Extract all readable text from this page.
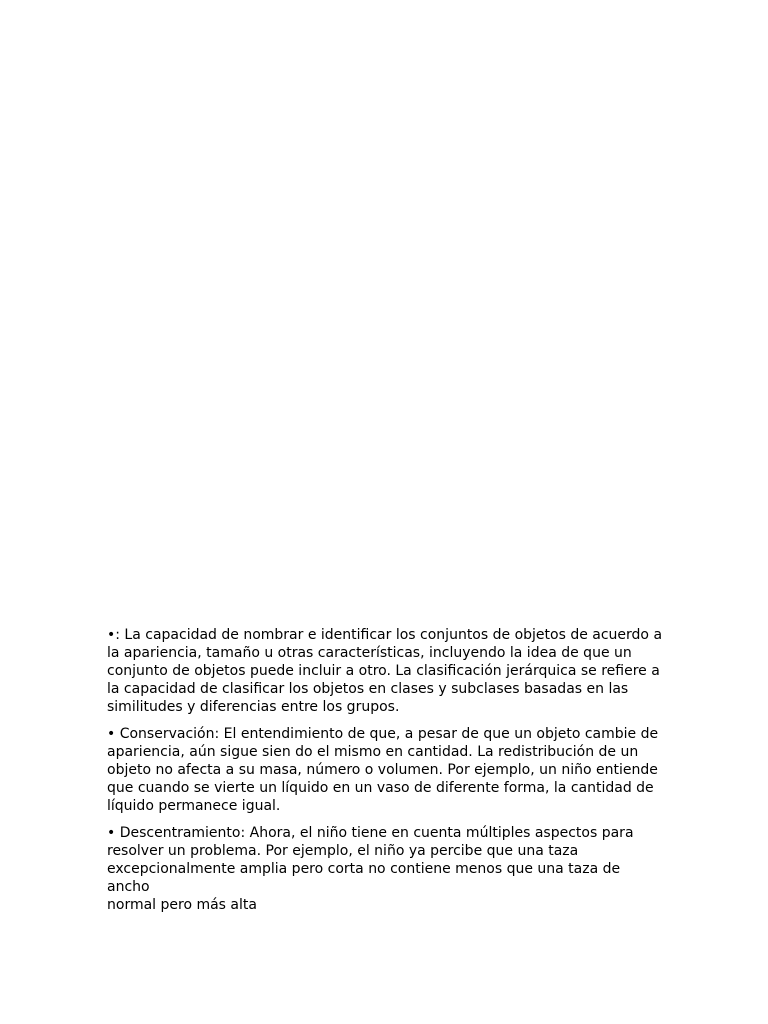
•: La capacidad de nombrar e identificar los conjuntos de objetos de acuerdo a
la apariencia, tamaño u otras características, incluyendo la idea de que un
conjunto de objetos puede incluir a otro. La clasificación jerárquica se refiere a
la capacidad de clasificar los objetos en clases y subclases basadas en las
similitudes y diferencias entre los grupos.

• Conservación: El entendimiento de que, a pesar de que un objeto cambie de
apariencia, aún sigue sien do el mismo en cantidad. La redistribución de un
objeto no afecta a su masa, número o volumen. Por ejemplo, un niño entiende
que cuando se vierte un líquido en un vaso de diferente forma, la cantidad de
líquido permanece igual.

• Descentramiento: Ahora, el niño tiene en cuenta múltiples aspectos para
resolver un problema. Por ejemplo, el niño ya percibe que una taza
excepcionalmente amplia pero corta no contiene menos que una taza de ancho
normal pero más alta
